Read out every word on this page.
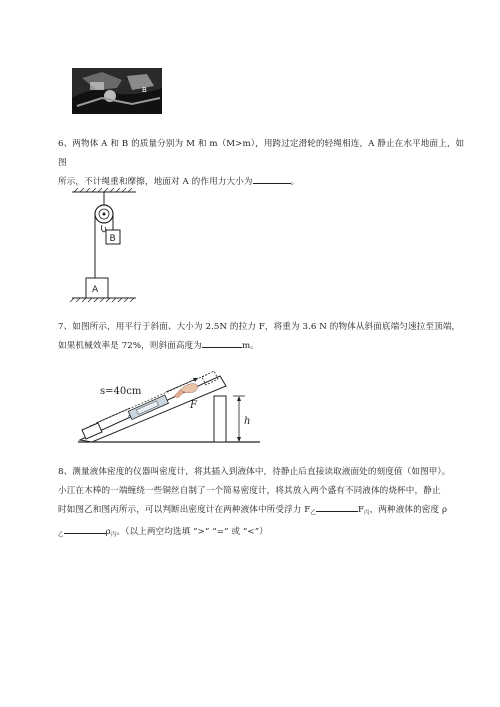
B
6、两物体 A 和 B 的质量分别为 M 和 m（M>m），用跨过定滑轮的轻绳相连，A 静止在水平地面上，如图
所示，不计绳重和摩擦，地面对 A 的作用力大小为	。
B
A
7、如图所示，用平行于斜面、大小为 2.5N 的拉力 F，将重为 3.6 N 的物体从斜面底端匀速拉至顶端，
如果机械效率是 72%，则斜面高度为	m。
h
s=40cm
F
8、测量液体密度的仪器叫密度计，将其插入到液体中，待静止后直接读取液面处的刻度值（如图甲）。
小江在木棒的一端缠绕一些铜丝自制了一个简易密度计，将其放入两个盛有不同液体的烧杯中，静止
时如图乙和图丙所示，可以判断出密度计在两种液体中所受浮力 $F_乙$	$F_丙$，两种液体的密度 ρ
$_乙$	$\rho_丙$。（以上两空均选填 “>” “=” 或 “<”）
